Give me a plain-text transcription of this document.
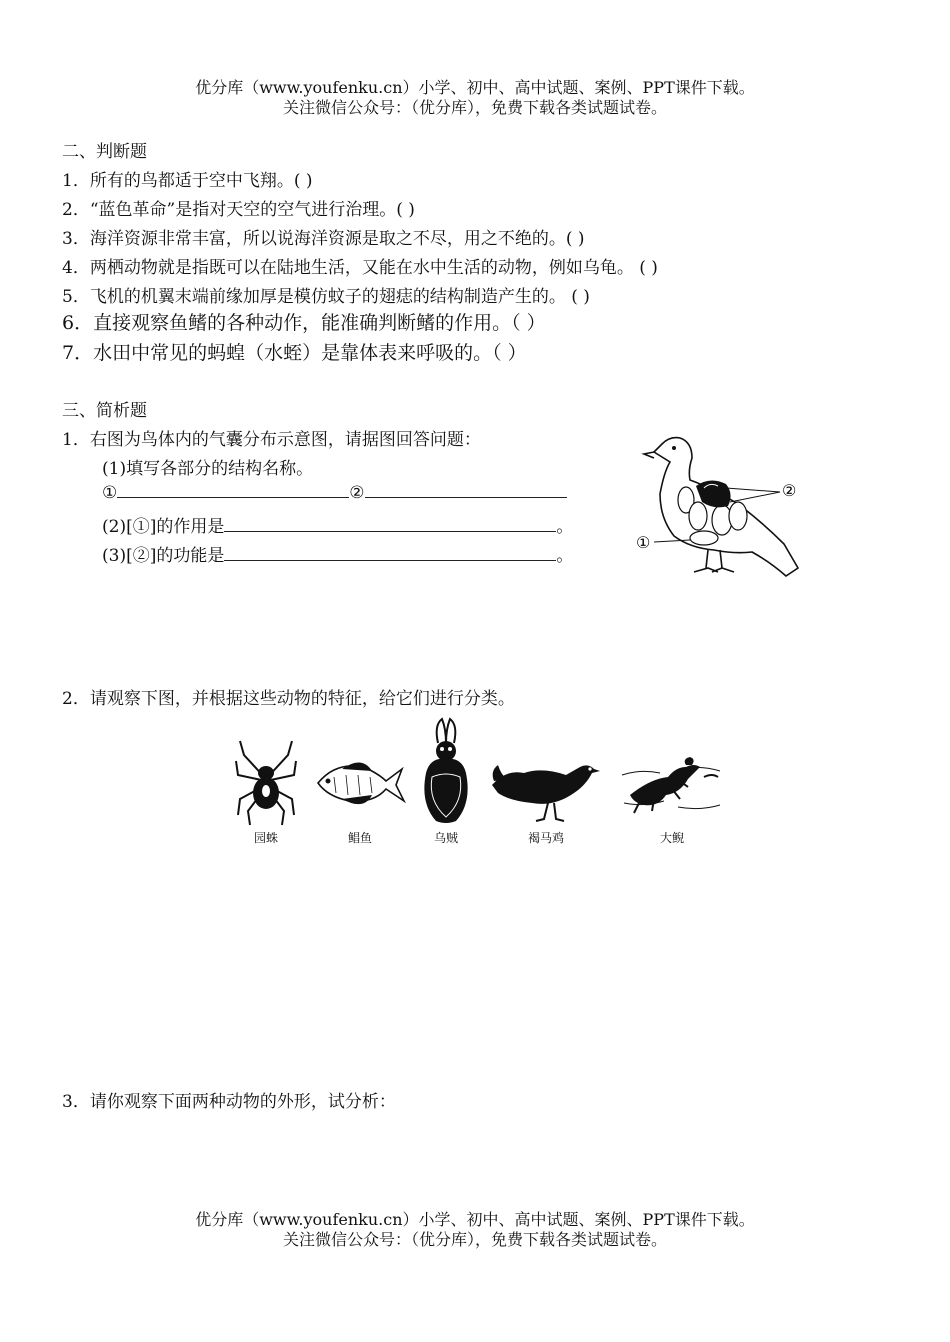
优分库（www.youfenku.cn）小学、初中、高中试题、案例、PPT课件下载。
关注微信公众号：（优分库），免费下载各类试题试卷。
二、判断题
1．所有的鸟都适于空中飞翔。( )
2．“蓝色革命”是指对天空的空气进行治理。( )
3．海洋资源非常丰富，所以说海洋资源是取之不尽，用之不绝的。( )
4．两栖动物就是指既可以在陆地生活，又能在水中生活的动物，例如乌龟。 ( )
5．飞机的机翼末端前缘加厚是模仿蚊子的翅痣的结构制造产生的。 ( )
6．直接观察鱼鳍的各种动作，能准确判断鳍的作用。（ ）
7．水田中常见的蚂蝗（水蛭）是靠体表来呼吸的。（ ）
三、简析题
1．右图为鸟体内的气囊分布示意图，请据图回答问题：
(1)填写各部分的结构名称。
①	②
(2)[①]的作用是	。
(3)[②]的功能是	。
②
①
2．请观察下图，并根据这些动物的特征，给它们进行分类。
园蛛	鲳鱼	乌贼	褐马鸡	大鲵
3．请你观察下面两种动物的外形，试分析：
优分库（www.youfenku.cn）小学、初中、高中试题、案例、PPT课件下载。
关注微信公众号：（优分库），免费下载各类试题试卷。
